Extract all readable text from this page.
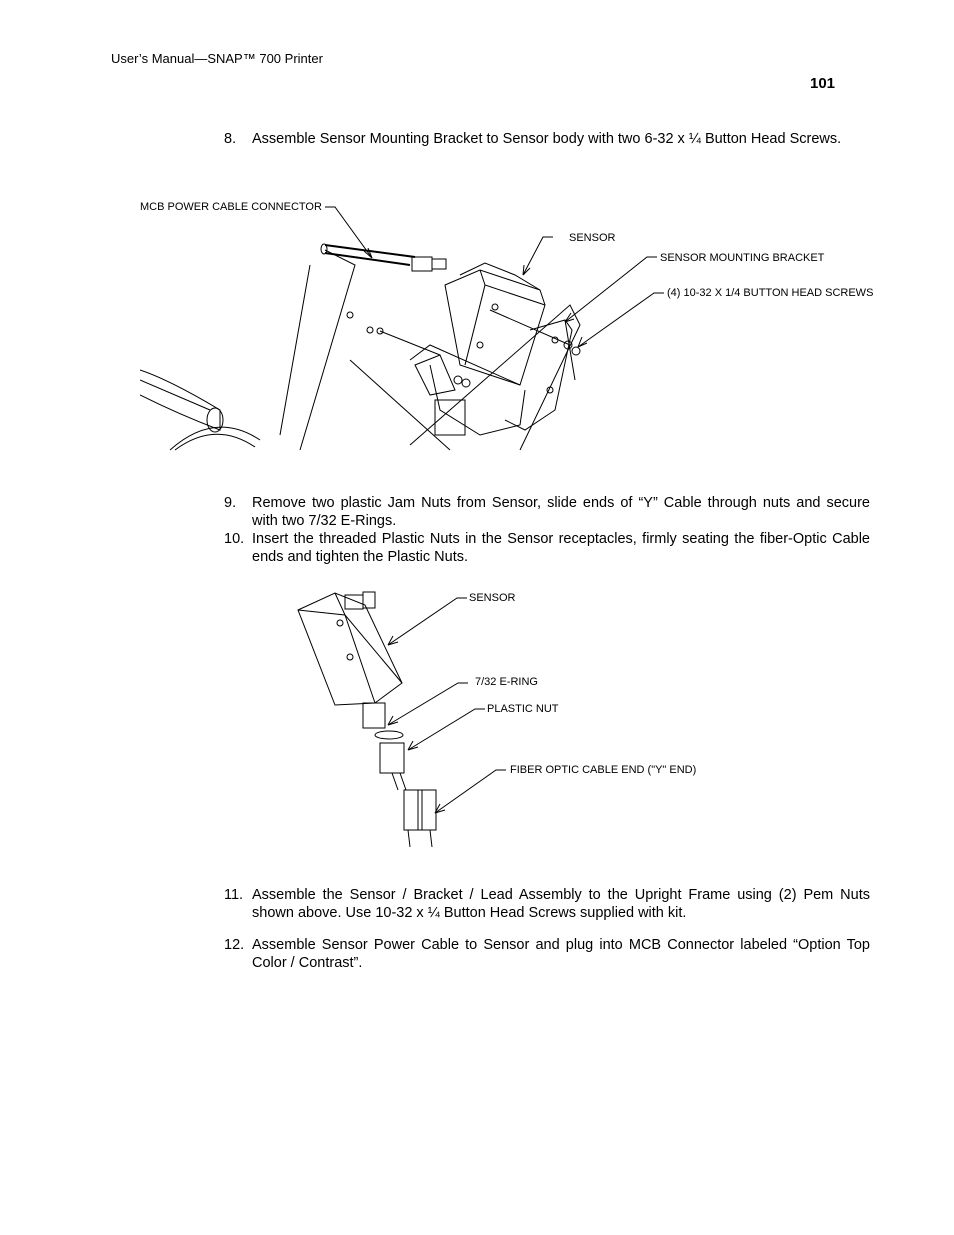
User’s Manual—SNAP™ 700 Printer
101
8. Assemble Sensor Mounting Bracket to Sensor body with two 6-32 x ¼ Button Head Screws.
MCB POWER CABLE CONNECTOR
SENSOR
SENSOR MOUNTING BRACKET
(4) 10-32 X 1/4 BUTTON HEAD SCREWS
9. Remove two plastic Jam Nuts from Sensor, slide ends of “Y” Cable through nuts and secure with two 7/32 E-Rings.
10. Insert the threaded Plastic Nuts in the Sensor receptacles, firmly seating the fiber-Optic Cable ends and tighten the Plastic Nuts.
SENSOR
7/32 E-RING
PLASTIC NUT
FIBER OPTIC CABLE END ("Y" END)
11. Assemble the Sensor / Bracket / Lead Assembly to the Upright Frame using (2) Pem Nuts shown above. Use 10-32 x ¼ Button Head Screws supplied with kit.
12. Assemble Sensor Power Cable to Sensor and plug into MCB Connector labeled “Option Top Color / Contrast”.
